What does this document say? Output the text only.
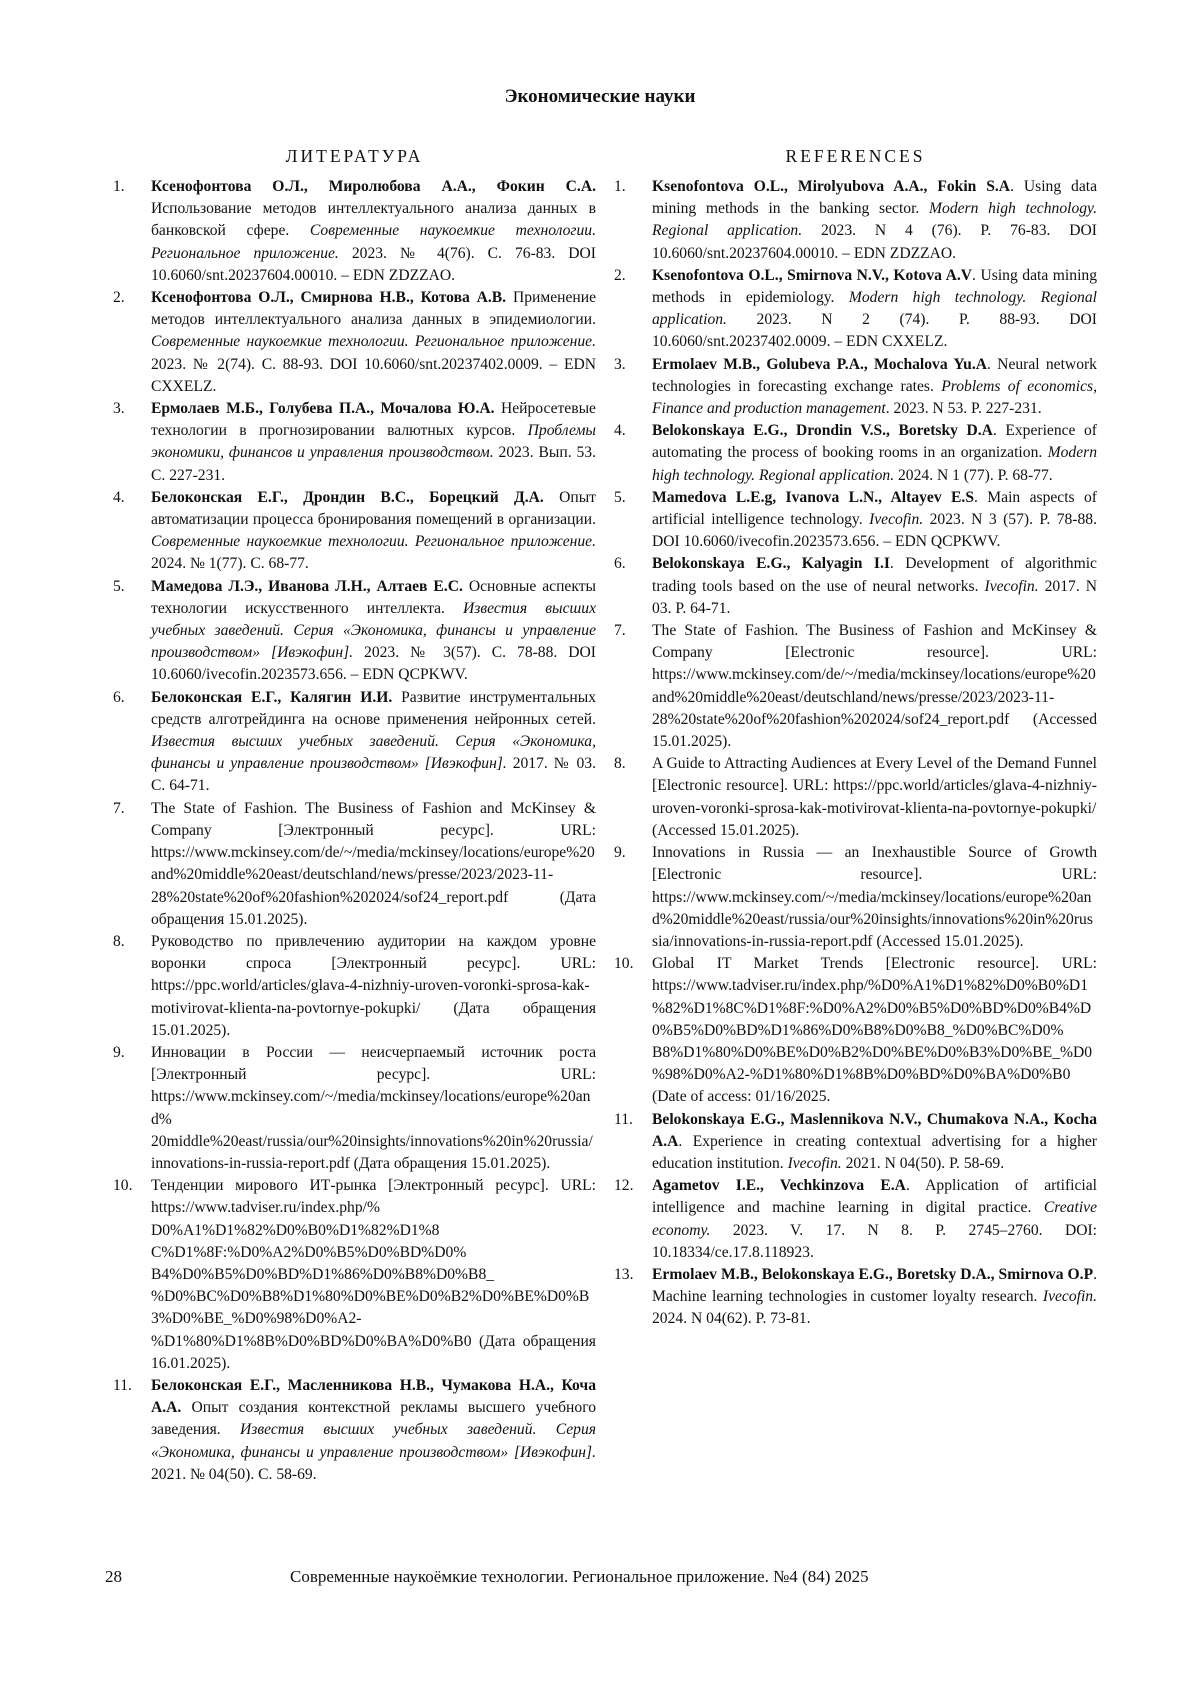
Экономические науки
ЛИТЕРАТУРА
1. Ксенофонтова О.Л., Миролюбова А.А., Фокин С.А. Использование методов интеллектуального анализа данных в банковской сфере. Современные наукоемкие технологии. Региональное приложение. 2023. № 4(76). С. 76-83. DOI 10.6060/snt.20237604.00010. – EDN ZDZZAO.
2. Ксенофонтова О.Л., Смирнова Н.В., Котова А.В. Применение методов интеллектуального анализа данных в эпидемиологии. Современные наукоемкие технологии. Региональное приложение. 2023. № 2(74). С. 88-93. DOI 10.6060/snt.20237402.0009. – EDN CXXELZ.
3. Ермолаев М.Б., Голубева П.А., Мочалова Ю.А. Нейросетевые технологии в прогнозировании валютных курсов. Проблемы экономики, финансов и управления производством. 2023. Вып. 53. С. 227-231.
4. Белоконская Е.Г., Дрондин В.С., Борецкий Д.А. Опыт автоматизации процесса бронирования помещений в организации. Современные наукоемкие технологии. Региональное приложение. 2024. № 1(77). С. 68-77.
5. Мамедова Л.Э., Иванова Л.Н., Алтаев Е.С. Основные аспекты технологии искусственного интеллекта. Известия высших учебных заведений. Серия «Экономика, финансы и управление производством» [Ивэкофин]. 2023. № 3(57). С. 78-88. DOI 10.6060/ivecofin.2023573.656. – EDN QCPKWV.
6. Белоконская Е.Г., Калягин И.И. Развитие инструментальных средств алготрейдинга на основе применения нейронных сетей. Известия высших учебных заведений. Серия «Экономика, финансы и управление производством» [Ивэкофин]. 2017. № 03. С. 64-71.
7. The State of Fashion. The Business of Fashion and McKinsey & Company [Электронный ресурс]. URL: https://www.mckinsey.com/de/~/media/mckinsey/locations/europe%20and%20middle%20east/deutschland/news/presse/2023/2023-11-28%20state%20of%20fashion%202024/sof24_report.pdf (Дата обращения 15.01.2025).
8. Руководство по привлечению аудитории на каждом уровне воронки спроса [Электронный ресурс]. URL: https://ppc.world/articles/glava-4-nizhniy-uroven-voronki-sprosa-kak-motivirovat-klienta-na-povtornye-pokupki/ (Дата обращения 15.01.2025).
9. Инновации в России — неисчерпаемый источник роста [Электронный ресурс]. URL: https://www.mckinsey.com/~/media/mckinsey/locations/europe%20and% 20middle%20east/russia/our%20insights/innovations%20in%20russia/innovations-in-russia-report.pdf (Дата обращения 15.01.2025).
10. Тенденции мирового ИТ-рынка [Электронный ресурс]. URL: https://www.tadviser.ru/index.php/% D0%A1%D1%82%D0%B0%D1%82%D1%8 C%D1%8F:%D0%A2%D0%B5%D0%BD%D0% B4%D0%B5%D0%BD%D1%86%D0%B8%D0%B8_ %D0%BC%D0%B8%D1%80%D0%BE%D0%B2%D0%BE%D0%B3%D0%BE_%D0%98%D0%A2-%D1%80%D1%8B%D0%BD%D0%BA%D0%B0 (Дата обращения 16.01.2025).
11. Белоконская Е.Г., Масленникова Н.В., Чумакова Н.А., Коча А.А. Опыт создания контекстной рекламы высшего учебного заведения. Известия высших учебных заведений. Серия «Экономика, финансы и управление производством» [Ивэкофин]. 2021. № 04(50). С. 58-69.
REFERENCES
1. Ksenofontova O.L., Mirolyubova A.A., Fokin S.A. Using data mining methods in the banking sector. Modern high technology. Regional application. 2023. N 4 (76). P. 76-83. DOI 10.6060/snt.20237604.00010. – EDN ZDZZAO.
2. Ksenofontova O.L., Smirnova N.V., Kotova A.V. Using data mining methods in epidemiology. Modern high technology. Regional application. 2023. N 2 (74). P. 88-93. DOI 10.6060/snt.20237402.0009. – EDN CXXELZ.
3. Ermolaev M.B., Golubeva P.A., Mochalova Yu.A. Neural network technologies in forecasting exchange rates. Problems of economics, Finance and production management. 2023. N 53. P. 227-231.
4. Belokonskaya E.G., Drondin V.S., Boretsky D.A. Experience of automating the process of booking rooms in an organization. Modern high technology. Regional application. 2024. N 1 (77). P. 68-77.
5. Mamedova L.E.g, Ivanova L.N., Altayev E.S. Main aspects of artificial intelligence technology. Ivecofin. 2023. N 3 (57). P. 78-88. DOI 10.6060/ivecofin.2023573.656. – EDN QCPKWV.
6. Belokonskaya E.G., Kalyagin I.I. Development of algorithmic trading tools based on the use of neural networks. Ivecofin. 2017. N 03. P. 64-71.
7. The State of Fashion. The Business of Fashion and McKinsey & Company [Electronic resource]. URL: https://www.mckinsey.com/de/~/media/mckinsey/locations/europe%20and%20middle%20east/deutschland/news/presse/2023/2023-11-28%20state%20of%20fashion%202024/sof24_report.pdf (Accessed 15.01.2025).
8. A Guide to Attracting Audiences at Every Level of the Demand Funnel [Electronic resource]. URL: https://ppc.world/articles/glava-4-nizhniy-uroven-voronki-sprosa-kak-motivirovat-klienta-na-povtornye-pokupki/ (Accessed 15.01.2025).
9. Innovations in Russia — an Inexhaustible Source of Growth [Electronic resource]. URL: https://www.mckinsey.com/~/media/mckinsey/locations/europe%20and%20middle%20east/russia/our%20insights/innovations%20in%20russia/innovations-in-russia-report.pdf (Accessed 15.01.2025).
10. Global IT Market Trends [Electronic resource]. URL: https://www.tadviser.ru/index.php/%D0%A1%D1%82%D0%B0%D1%82%D1%8C%D1%8F:%D0%A2%D0%B5%D0%BD%D0%B4%D0%B5%D0%BD%D1%86%D0%B8%D0%B8_%D0%BC%D0% B8%D1%80%D0%BE%D0%B2%D0%BE%D0%B3%D0%BE_%D0%98%D0%A2-%D1%80%D1%8B%D0%BD%D0%BA%D0%B0 (Date of access: 01/16/2025.
11. Belokonskaya E.G., Maslennikova N.V., Chumakova N.A., Kocha A.A. Experience in creating contextual advertising for a higher education institution. Ivecofin. 2021. N 04(50). P. 58-69.
12. Agametov I.E., Vechkinzova E.A. Application of artificial intelligence and machine learning in digital practice. Creative economy. 2023. V. 17. N 8. P. 2745–2760. DOI: 10.18334/ce.17.8.118923.
13. Ermolaev M.B., Belokonskaya E.G., Boretsky D.A., Smirnova O.P. Machine learning technologies in customer loyalty research. Ivecofin. 2024. N 04(62). P. 73-81.
28	Современные наукоёмкие технологии. Региональное приложение. №4 (84) 2025
